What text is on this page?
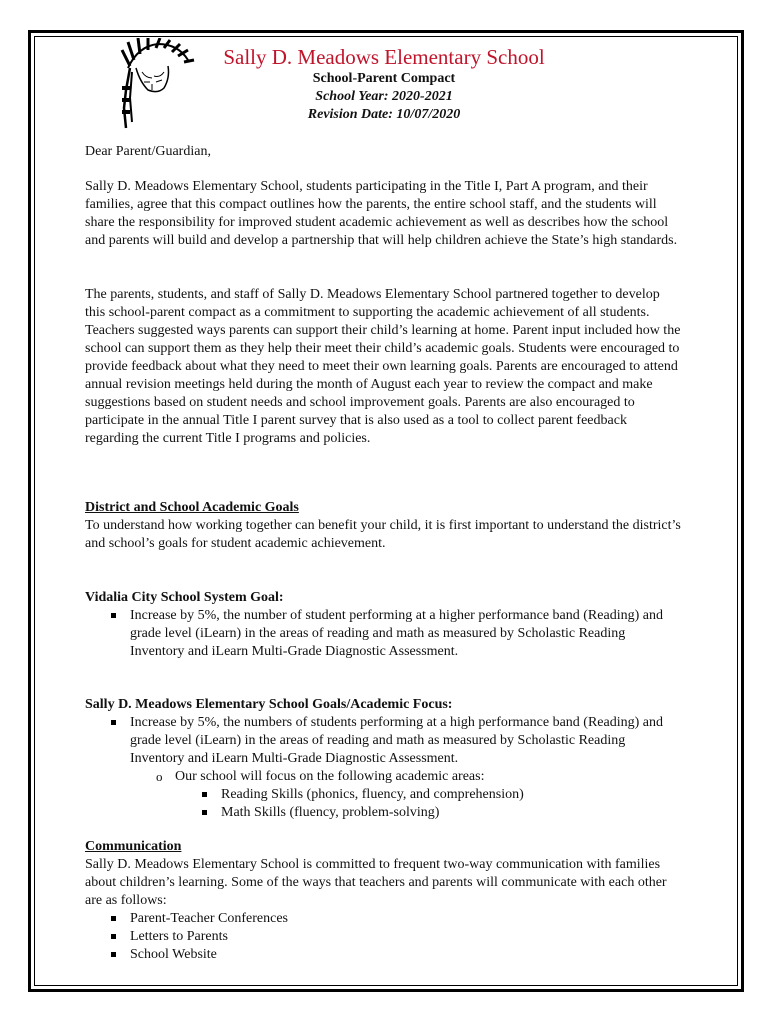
Sally D. Meadows Elementary School
School-Parent Compact
School Year: 2020-2021
Revision Date: 10/07/2020
Dear Parent/Guardian,
Sally D. Meadows Elementary School, students participating in the Title I, Part A program, and their families, agree that this compact outlines how the parents, the entire school staff, and the students will share the responsibility for improved student academic achievement as well as describes how the school and parents will build and develop a partnership that will help children achieve the State’s high standards.
The parents, students, and staff of Sally D. Meadows Elementary School partnered together to develop this school-parent compact as a commitment to supporting the academic achievement of all students. Teachers suggested ways parents can support their child’s learning at home. Parent input included how the school can support them as they help their meet their child’s academic goals. Students were encouraged to provide feedback about what they need to meet their own learning goals. Parents are encouraged to attend annual revision meetings held during the month of August each year to review the compact and make suggestions based on student needs and school improvement goals. Parents are also encouraged to participate in the annual Title I parent survey that is also used as a tool to collect parent feedback regarding the current Title I programs and policies.
District and School Academic Goals
To understand how working together can benefit your child, it is first important to understand the district’s and school’s goals for student academic achievement.
Vidalia City School System Goal:
Increase by 5%, the number of student performing at a higher performance band (Reading) and grade level (iLearn) in the areas of reading and math as measured by Scholastic Reading Inventory and iLearn Multi-Grade Diagnostic Assessment.
Sally D. Meadows Elementary School Goals/Academic Focus:
Increase by 5%, the numbers of students performing at a high performance band (Reading) and grade level (iLearn) in the areas of reading and math as measured by Scholastic Reading Inventory and iLearn Multi-Grade Diagnostic Assessment.
o Our school will focus on the following academic areas:
Reading Skills (phonics, fluency, and comprehension)
Math Skills (fluency, problem-solving)
Communication
Sally D. Meadows Elementary School is committed to frequent two-way communication with families about children’s learning. Some of the ways that teachers and parents will communicate with each other are as follows:
Parent-Teacher Conferences
Letters to Parents
School Website
